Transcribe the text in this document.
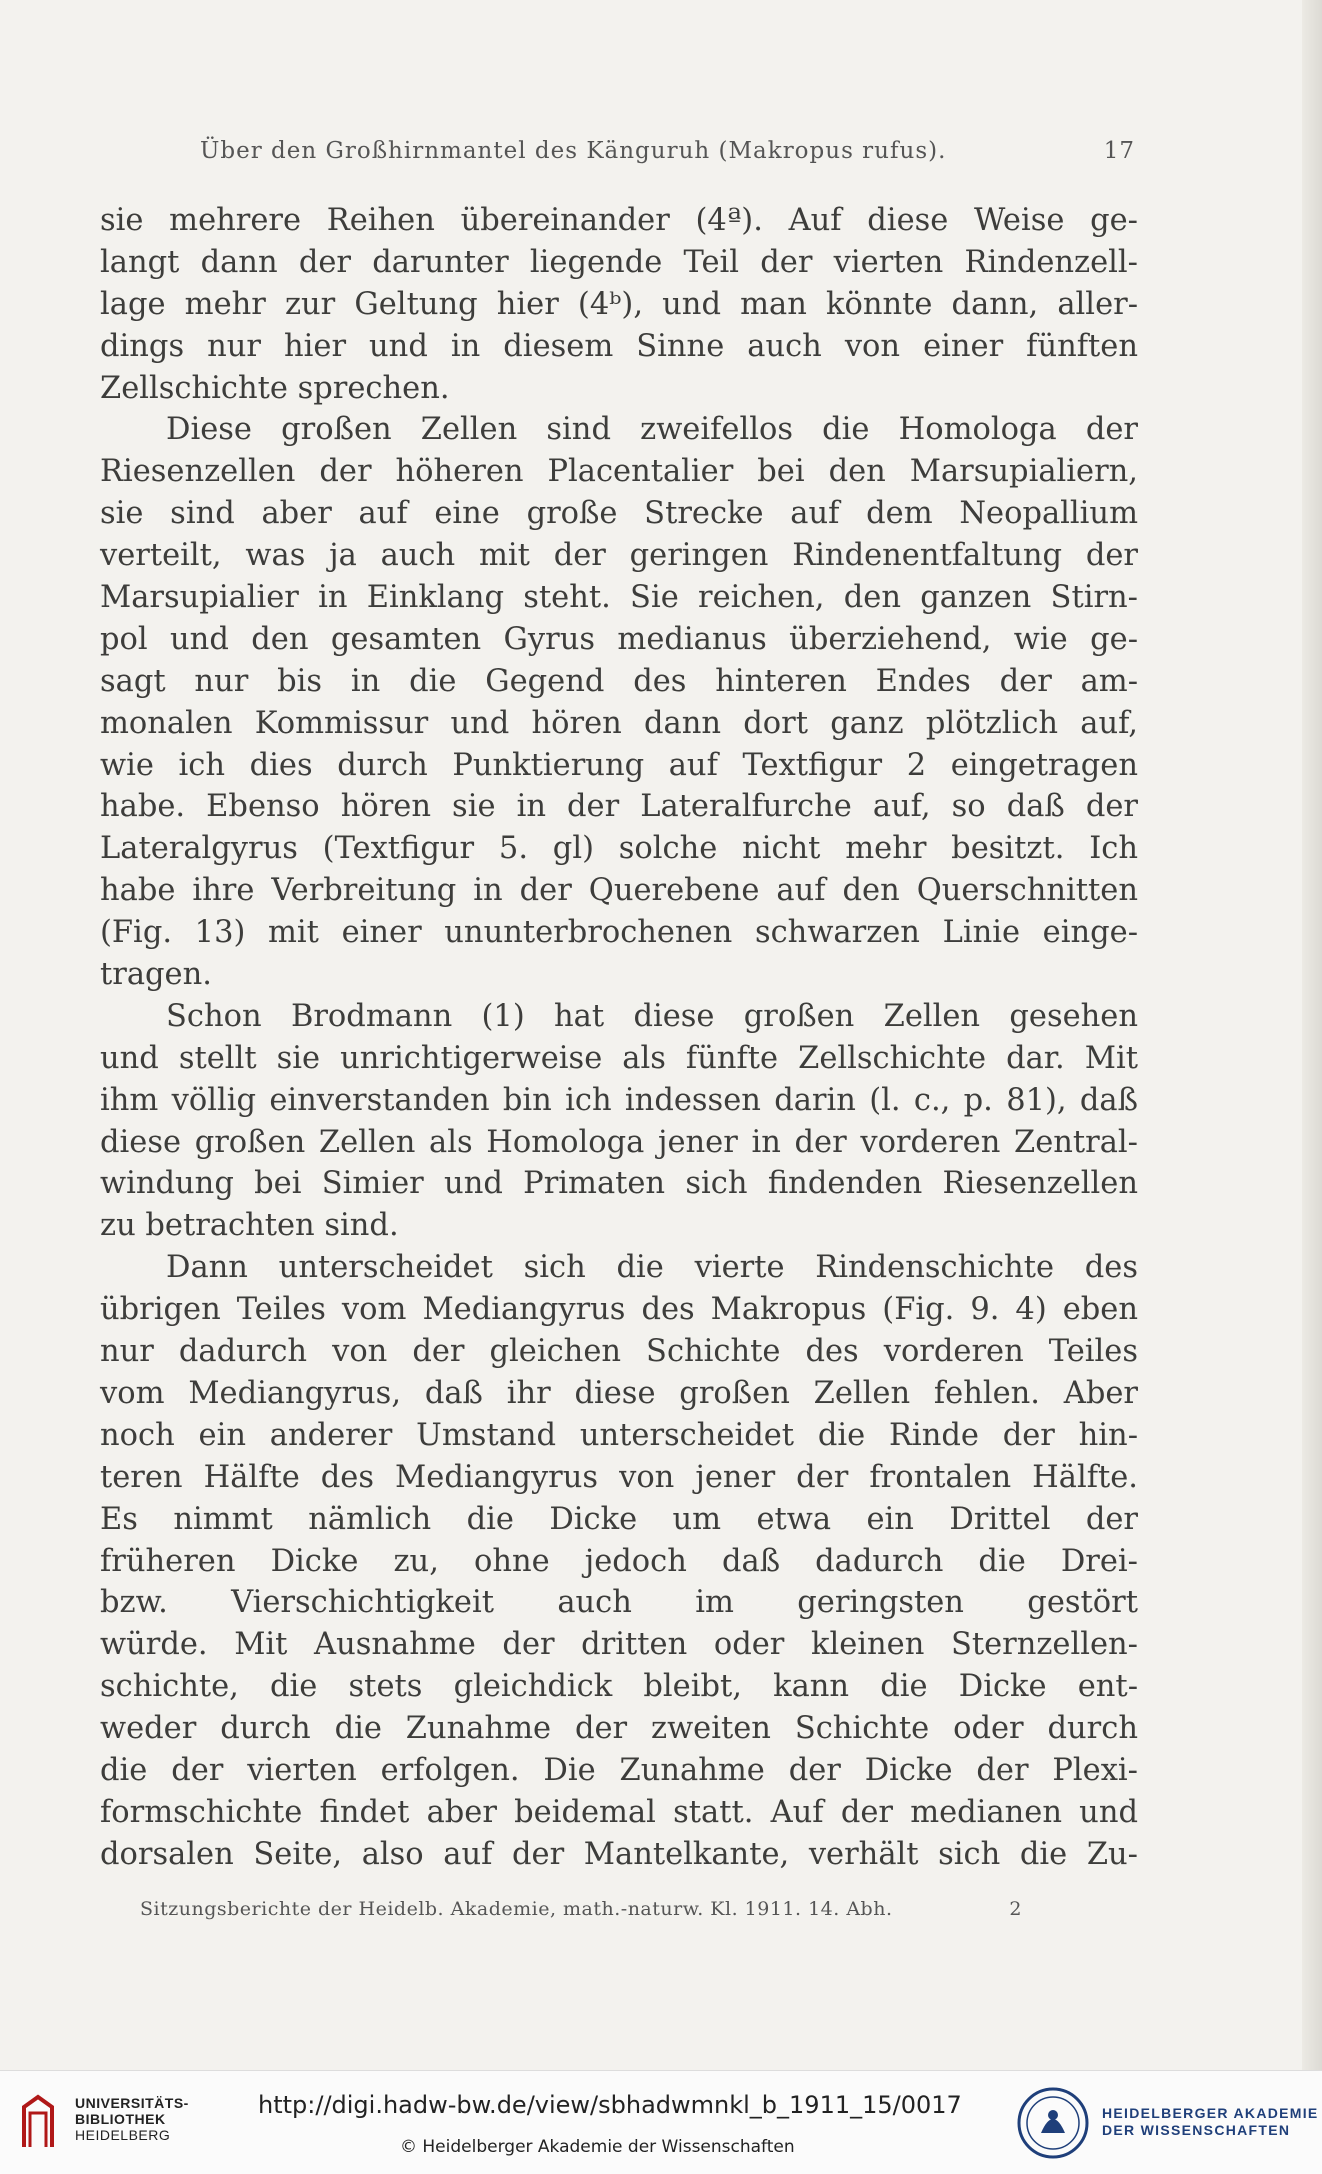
Über den Großhirnmantel des Känguruh (Makropus rufus).	17
sie mehrere Reihen übereinander (4ª). Auf diese Weise ge-
langt dann der darunter liegende Teil der vierten Rindenzell-
lage mehr zur Geltung hier (4ᵇ), und man könnte dann, aller-
dings nur hier und in diesem Sinne auch von einer fünften
Zellschichte sprechen.
Diese großen Zellen sind zweifellos die Homologa der
Riesenzellen der höheren Placentalier bei den Marsupialiern,
sie sind aber auf eine große Strecke auf dem Neopallium
verteilt, was ja auch mit der geringen Rindenentfaltung der
Marsupialier in Einklang steht. Sie reichen, den ganzen Stirn-
pol und den gesamten Gyrus medianus überziehend, wie ge-
sagt nur bis in die Gegend des hinteren Endes der am-
monalen Kommissur und hören dann dort ganz plötzlich auf,
wie ich dies durch Punktierung auf Textfigur 2 eingetragen
habe. Ebenso hören sie in der Lateralfurche auf, so daß der
Lateralgyrus (Textfigur 5. gl) solche nicht mehr besitzt. Ich
habe ihre Verbreitung in der Querebene auf den Querschnitten
(Fig. 13) mit einer ununterbrochenen schwarzen Linie einge-
tragen.
Schon Brodmann (1) hat diese großen Zellen gesehen
und stellt sie unrichtigerweise als fünfte Zellschichte dar. Mit
ihm völlig einverstanden bin ich indessen darin (l. c., p. 81), daß
diese großen Zellen als Homologa jener in der vorderen Zentral-
windung bei Simier und Primaten sich findenden Riesenzellen
zu betrachten sind.
Dann unterscheidet sich die vierte Rindenschichte des
übrigen Teiles vom Mediangyrus des Makropus (Fig. 9. 4) eben
nur dadurch von der gleichen Schichte des vorderen Teiles
vom Mediangyrus, daß ihr diese großen Zellen fehlen. Aber
noch ein anderer Umstand unterscheidet die Rinde der hin-
teren Hälfte des Mediangyrus von jener der frontalen Hälfte.
Es nimmt nämlich die Dicke um etwa ein Drittel der
früheren Dicke zu, ohne jedoch daß dadurch die Drei-
bzw. Vierschichtigkeit auch im geringsten gestört
würde. Mit Ausnahme der dritten oder kleinen Sternzellen-
schichte, die stets gleichdick bleibt, kann die Dicke ent-
weder durch die Zunahme der zweiten Schichte oder durch
die der vierten erfolgen. Die Zunahme der Dicke der Plexi-
formschichte findet aber beidemal statt. Auf der medianen und
dorsalen Seite, also auf der Mantelkante, verhält sich die Zu-
Sitzungsberichte der Heidelb. Akademie, math.-naturw. Kl. 1911. 14. Abh.	2
UNIVERSITÄTS-
BIBLIOTHEK
HEIDELBERG
http://digi.hadw-bw.de/view/sbhadwmnkl_b_1911_15/0017
© Heidelberger Akademie der Wissenschaften
HEIDELBERGER AKADEMIE
DER WISSENSCHAFTEN
